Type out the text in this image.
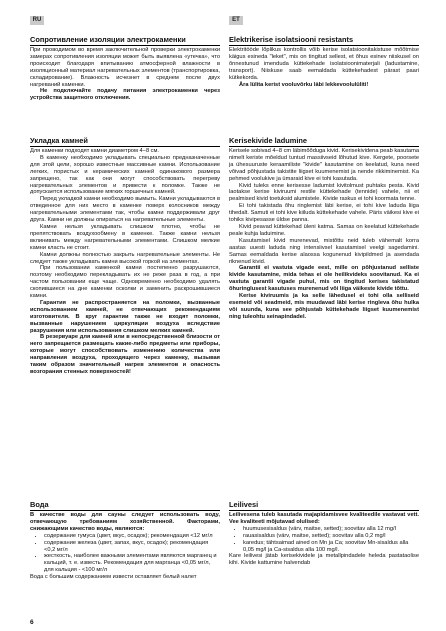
RU	ET
Сопротивление изоляции электрокаменки

При проводимом во время заключительной проверки электрокаменки замерах сопротивления изоляции может быть выявлена «утечка», что происходит благодаря впитыванию атмосферной влажности в изоляционный материал нагревательных элементов (транспортировка, складирование). Влажность исчезнет в среднем после двух нагреваний каменки.

Не подключайте подачу питания электрокаменки через устройства защитного отключения.

Укладка камней

Для каменки подходят камни диаметром 4−8 см.

В каменку необходимо укладывать специально предназначенные для этой цели, хорошо известные массивные камни. Использование легких, пористых и керамических камней одинакового размера запрещено, так как они могут способствовать перегреву нагревательных элементов и привести к поломке. Также не допускается использование мягких горшечных камней.

Перед укладкой камни необходимо вымыть. Камни укладываются в отведенное для них место в каменке поверх колосников между нагревательными элементами так, чтобы камни поддерживали друг друга. Камни не должны опираться на нагревательные элементы.

Камни нельзя укладывать слишком плотно, чтобы не препятствовать воздухообмену в каменке. Также камни нельзя вклинивать между нагревательными элементами. Слишком мелкие камни класть не стоит.

Камни должны полностью закрыть нагревательные элементы. Не следует также укладывать камни высокой горкой на элементах.

При пользовании каменкой камни постепенно разрушаются, поэтому необходимо перекладывать их не реже раза в год, а при частом пользовании еще чаще. Одновременно необходимо удалять скопившиеся на дне каменки осколки и заменить раскрошившиеся камни.

Гарантия не распространяется на поломки, вызванные использованием камней, не отвечающих рекомендациям изготовителя. В круг гарантии также не входят поломки, вызванные нарушением циркуляции воздуха вследствие разрушения или использования слишком мелких камней.

В резервуаре для камней или в непосредственной близости от него запрещается размещать какие-либо предметы или приборы, которые могут способствовать изменению количества или направления воздуха, проходящего через каменку, вызывая таким образом значительный нагрев элементов и опасность возгорания стенных поверхностей!

Вода

В качестве воды для сауны следует использовать воду, отвечающую требованиям хозяйственной. Факторами, снижающими качество воды, являются:

• содержание гумуса (цвет, вкус, осадок); рекомендация <12 мг/л
• содержание железа (цвет, запах, вкус, осадок); рекомендация <0,2 мг/л
• жесткость, наиболее важными элементами являются марганец и кальций, т. е. известь. Рекомендация для марганца <0,05 мг/л, для кальция - <100 мг/л

Вода с большим содержанием извести оставляет белый налет

Elektrikerise isolatsiooni resistants

Elektritööde lõplikus kontrollis võib kerise isolatsioonitakistuse mõõtmise käigus esineda "leket", mis on tingitud sellest, et õhus esinev niiskusel on õnnestunud imenduda küttekehade isolatsioonimaterjali (ladustamine, transport). Niiskuse saab eemaldada küttekehadest pärast paari kütkekorda.

Ära lülita kerist vooluvõrku läbi lekkevoolulüliti!

Kerisekivide ladumine

Kerisele sobivad 4−8 cm läbimõõduga kivid. Kerisekividena peab kasutama nimelt keriste mõeldud tuntud massiivseid lõhutud kive. Kergete, poorsete ja ühesuuruste keraamiliste "kivide" kasutamine on keelatud, kuna need võivad põhjustada takistite liigset kuumenemist ja nende rikkiminemist. Ka pehmed voolukive ja ümaraid kive ei tohi kasutada.

Kivid tuleks enne kerisesse ladumist kivitolmust puhtaks pesta. Kivid laotakse kerise kiviruumi restile küttekehade (tennide) vahele, nii et pealmised kivid toetuksid alumistele. Kivide raskus ei tohi koormata tenne.

Ei tohi takistada õhu ringlemist läbi kerise, ei tohi kive laduda liiga tihedalt. Samuti ei tohi kive kiiluda küttekehade vahele. Päris väikesi kive ei tohiks kivipesasse üldse panna.

Kivid peavad küttekehad üleni katma. Samas on keelatud küttekehade peale kuhja laduimine.

Kasutamisel kivid murenevad, mistõttu neid tuleb vähemalt korra aastas uuesti laduda ning intensiivsel kasutamisel veelgi sagedamini. Samas eemaldada kerise alaossa kogunenud kivipildmed ja asendada riknenud kivid.

Garantii ei vastuta vigade eest, mille on põhjustanud selliste kivide kasutamine, mida tehas ei ole heilikvideks soovitanud. Ka ei vastuta garantii vigade puhul, mis on tingitud kerises takistatud õhuringlusest kasutuses murenenud või liiga väikeste kivide tõttu.

Kerise kiviruumis ja ka selle lähedusel ei tohi olla selliseid esemeid või seadmeid, mis muudavad läbi kerise ringleva õhu hulka või suunda, kuna see põhjustab küttekehade liigset kuumenemist ning tuleohtu seinapindadel.

Leilivesi

Leilivesena tuleb kasutada majapidamisvee kvaliteedile vastavat vett. Vee kvaliteeti mõjutavad olulised:

• huumusesisaldus (värv, maitse, setted); soovitav alla 12 mg/l
• rauasisaldus (värv, maitse, setted); soovitav alla 0,2 mg/l
• karedus; tähtsaimad ained on Mn ja Ca; soovitav Mn-sisaldus alla 0,05 mg/l ja Ca-sisaldus alla 100 mg/l.

Kare leilivesi jätab kerisekividele ja metallpindadele heleda pastataolise kihi. Kivide kattumine halvendab

6
